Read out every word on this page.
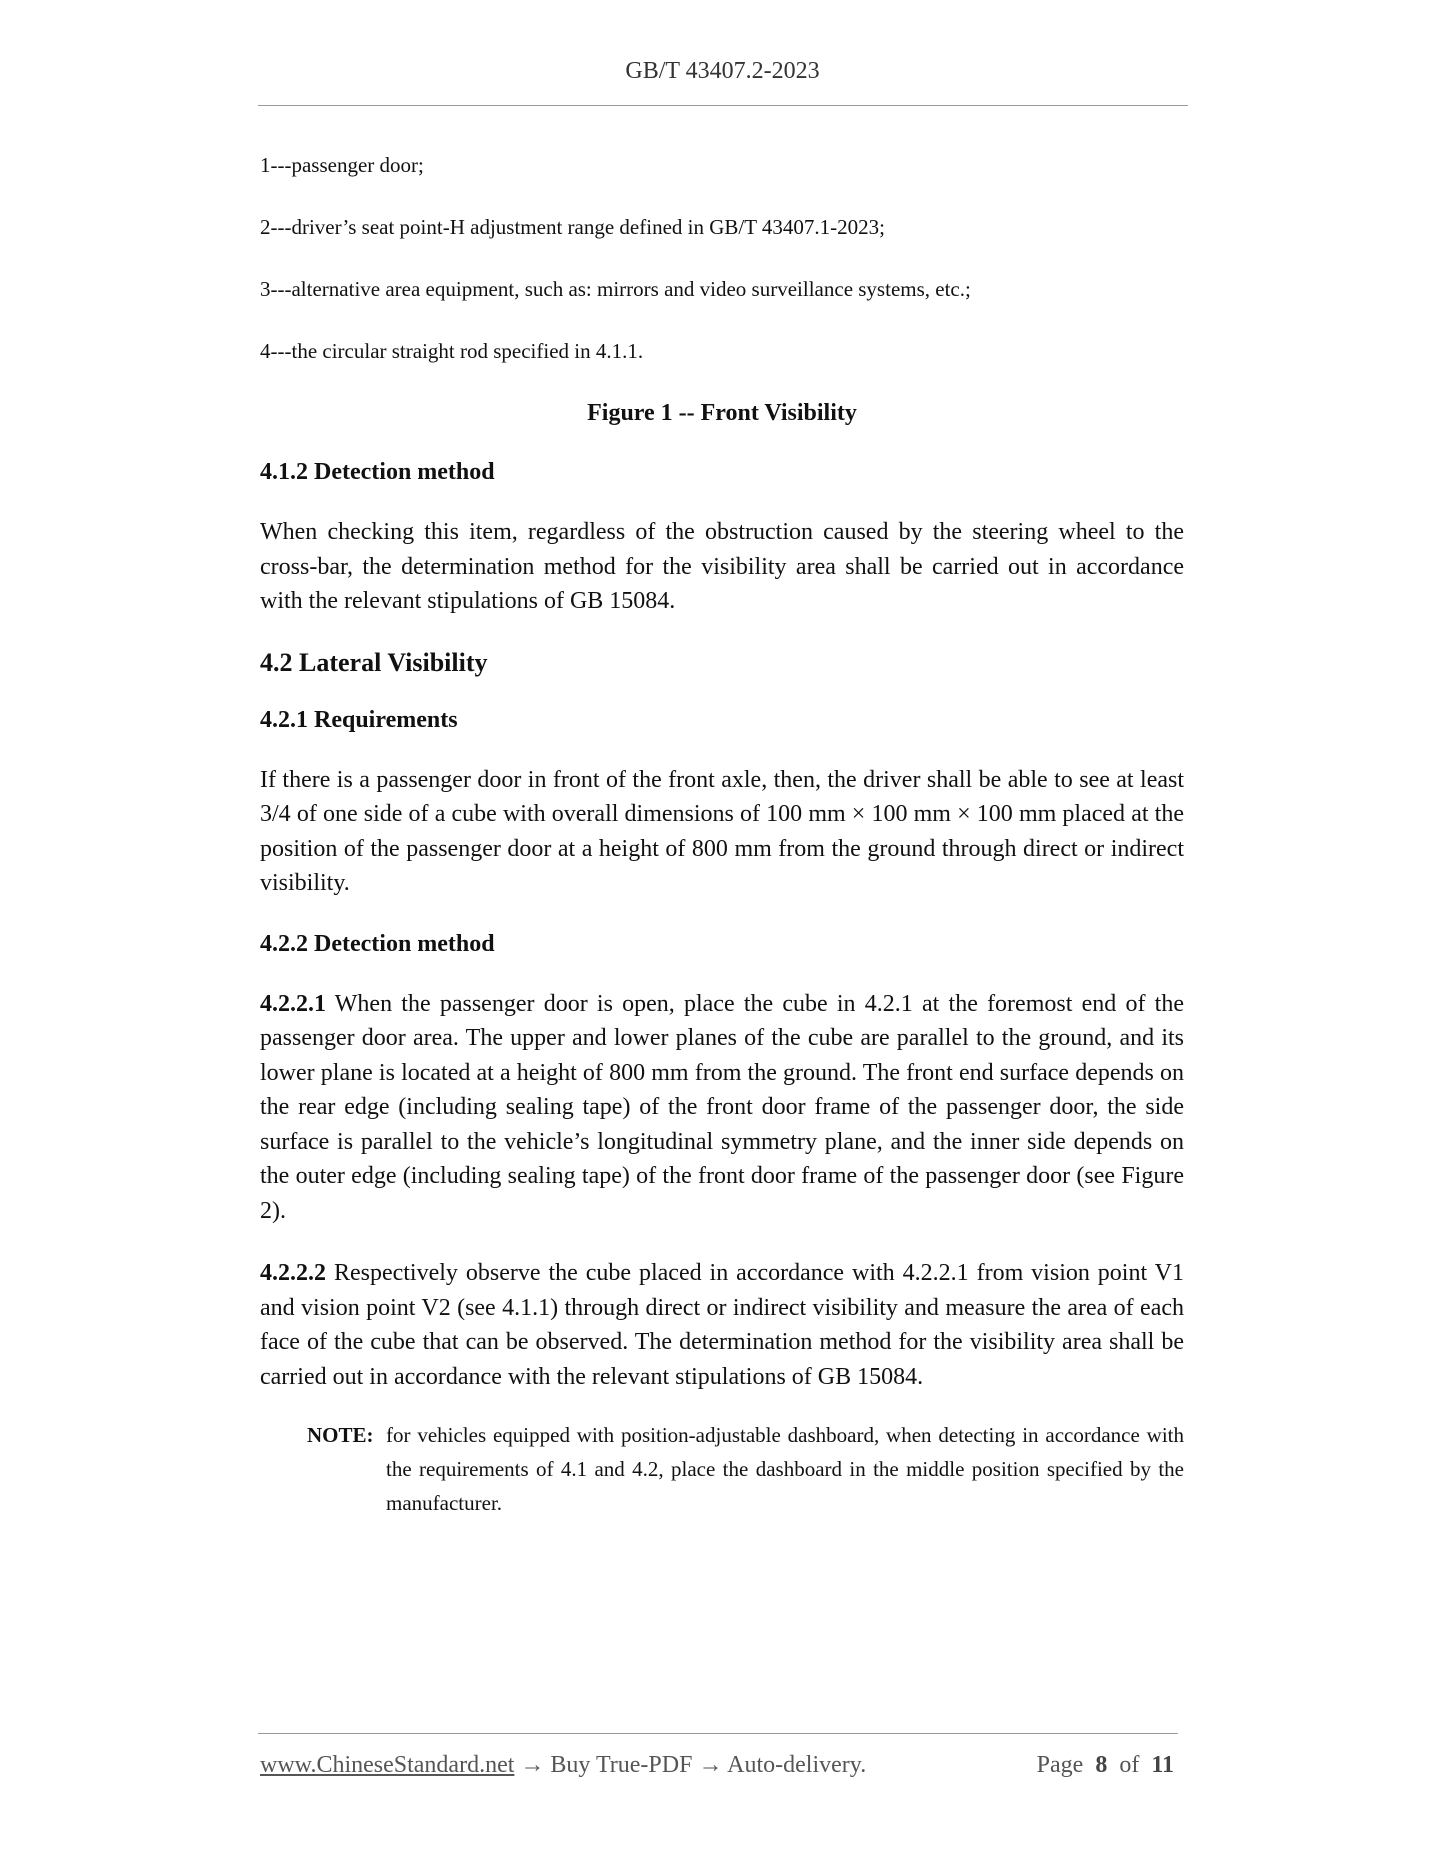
GB/T 43407.2-2023
1---passenger door;
2---driver’s seat point-H adjustment range defined in GB/T 43407.1-2023;
3---alternative area equipment, such as: mirrors and video surveillance systems, etc.;
4---the circular straight rod specified in 4.1.1.
Figure 1 -- Front Visibility
4.1.2 Detection method

When checking this item, regardless of the obstruction caused by the steering wheel to the cross-bar, the determination method for the visibility area shall be carried out in accordance with the relevant stipulations of GB 15084.

4.2 Lateral Visibility
4.2.1 Requirements

If there is a passenger door in front of the front axle, then, the driver shall be able to see at least 3/4 of one side of a cube with overall dimensions of 100 mm × 100 mm × 100 mm placed at the position of the passenger door at a height of 800 mm from the ground through direct or indirect visibility.

4.2.2 Detection method

4.2.2.1 When the passenger door is open, place the cube in 4.2.1 at the foremost end of the passenger door area. The upper and lower planes of the cube are parallel to the ground, and its lower plane is located at a height of 800 mm from the ground. The front end surface depends on the rear edge (including sealing tape) of the front door frame of the passenger door, the side surface is parallel to the vehicle’s longitudinal symmetry plane, and the inner side depends on the outer edge (including sealing tape) of the front door frame of the passenger door (see Figure 2).

4.2.2.2 Respectively observe the cube placed in accordance with 4.2.2.1 from vision point V1 and vision point V2 (see 4.1.1) through direct or indirect visibility and measure the area of each face of the cube that can be observed. The determination method for the visibility area shall be carried out in accordance with the relevant stipulations of GB 15084.

NOTE: for vehicles equipped with position-adjustable dashboard, when detecting in accordance with the requirements of 4.1 and 4.2, place the dashboard in the middle position specified by the manufacturer.
www.ChineseStandard.net → Buy True-PDF → Auto-delivery.	Page 8 of 11
